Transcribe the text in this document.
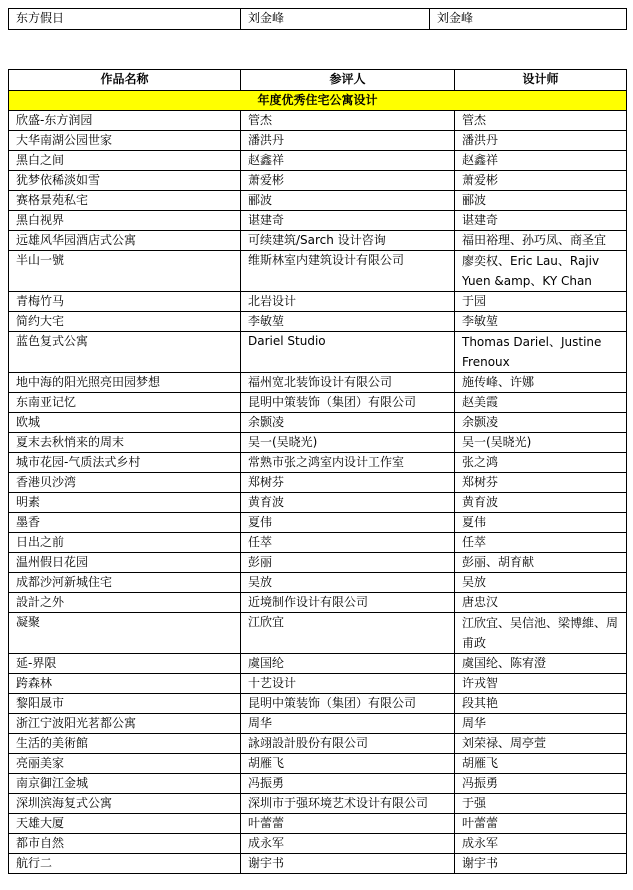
东方假日	刘金峰	刘金峰
作品名称	参评人	设计师
年度优秀住宅公寓设计		
欣盛-东方润园	管杰	管杰
大华南湖公园世家	潘洪丹	潘洪丹
黑白之间	赵鑫祥	赵鑫祥
犹梦依稀淡如雪	萧爱彬	萧爱彬
赛格景苑私宅	郦波	郦波
黑白视界	谌建奇	谌建奇
远雄风华园酒店式公寓	可续建筑/Sarch 设计咨询	福田裕理、孙巧凤、商圣宜
半山一號	维斯林室内建筑设计有限公司	廖奕权、Eric Lau、Rajiv Yuen &amp、KY Chan
青梅竹马	北岩设计	于园
简约大宅	李敏堃	李敏堃
蓝色复式公寓	Dariel Studio	Thomas Dariel、Justine Frenoux
地中海的阳光照亮田园梦想	福州宽北装饰设计有限公司	施传峰、许娜
东南亚记忆	昆明中策装饰（集团）有限公司	赵美霞
欧城	余颢凌	余颢凌
夏末去秋悄来的周末	吴一(吴晓光)	吴一(吴晓光)
城市花园-气质法式乡村	常熟市张之鸿室内设计工作室	张之鸿
香港贝沙湾	郑树芬	郑树芬
明素	黄育波	黄育波
墨香	夏伟	夏伟
日出之前	任萃	任萃
温州假日花园	彭丽	彭丽、胡育献
成都沙河新城住宅	吴放	吴放
設計之外	近境制作设计有限公司	唐忠汉
凝聚	江欣宜	江欣宜、吴信池、梁博維、周甫政
延-界限	虞国纶	虞国纶、陈宥澄
跨森林	十艺设计	许戎智
黎阳晟市	昆明中策装饰（集团）有限公司	段其艳
浙江宁波阳光茗都公寓	周华	周华
生活的美術館	詠翊設計股份有限公司	刘荣禄、周亭萱
亮丽美家	胡雁飞	胡雁飞
南京御江金城	冯振勇	冯振勇
深圳滨海复式公寓	深圳市于强环境艺术设计有限公司	于强
天雄大厦	叶蕾蕾	叶蕾蕾
都市自然	成永军	成永军
航行二	谢宇书	谢宇书
